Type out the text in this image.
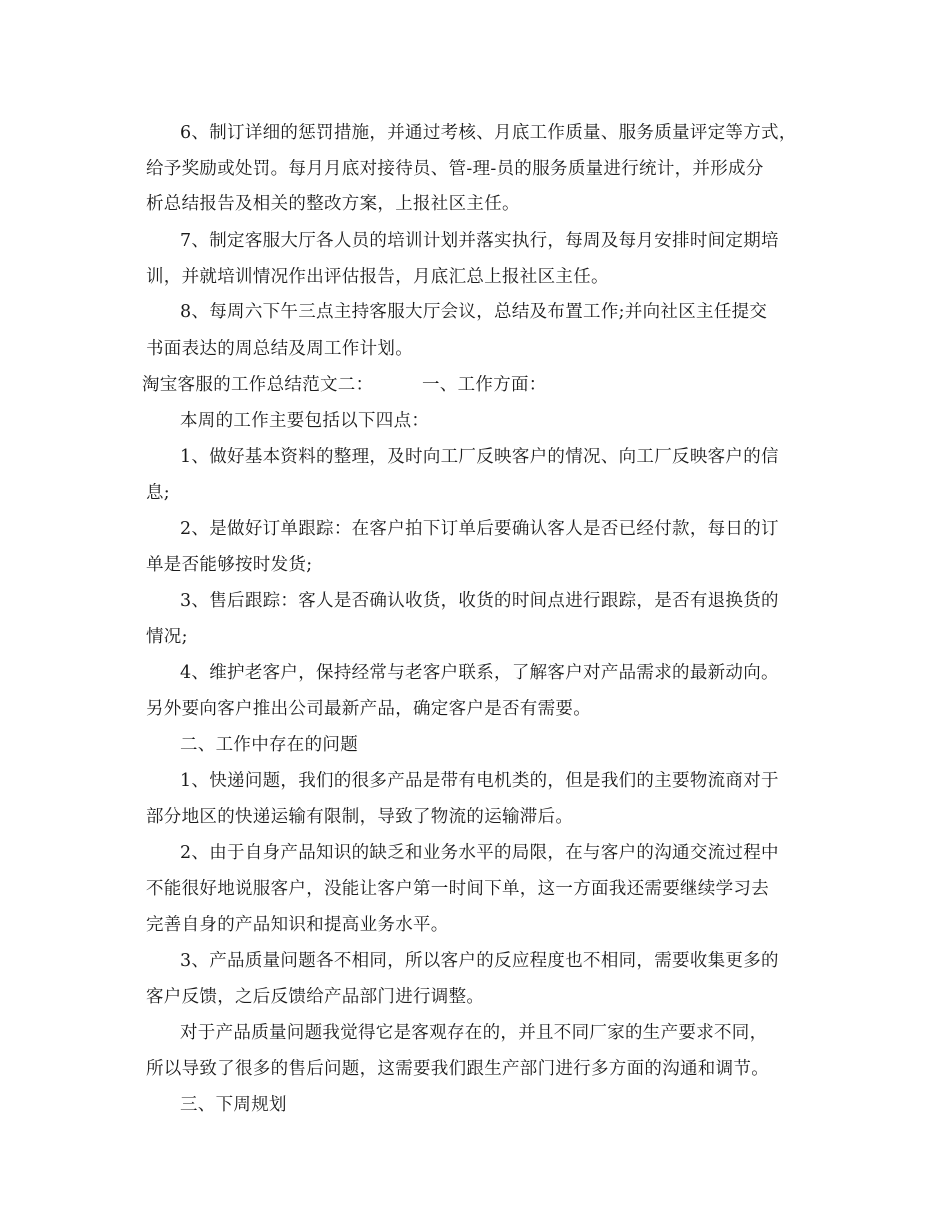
6、制订详细的惩罚措施，并通过考核、月底工作质量、服务质量评定等方式，
给予奖励或处罚。每月月底对接待员、管-理-员的服务质量进行统计，并形成分
析总结报告及相关的整改方案，上报社区主任。
7、制定客服大厅各人员的培训计划并落实执行，每周及每月安排时间定期培
训，并就培训情况作出评估报告，月底汇总上报社区主任。
8、每周六下午三点主持客服大厅会议，总结及布置工作;并向社区主任提交
书面表达的周总结及周工作计划。
淘宝客服的工作总结范文二：	一、工作方面：
本周的工作主要包括以下四点：
1、做好基本资料的整理，及时向工厂反映客户的情况、向工厂反映客户的信
息;
2、是做好订单跟踪：在客户拍下订单后要确认客人是否已经付款，每日的订
单是否能够按时发货;
3、售后跟踪：客人是否确认收货，收货的时间点进行跟踪，是否有退换货的
情况;
4、维护老客户，保持经常与老客户联系，了解客户对产品需求的最新动向。
另外要向客户推出公司最新产品，确定客户是否有需要。
二、工作中存在的问题
1、快递问题，我们的很多产品是带有电机类的，但是我们的主要物流商对于
部分地区的快递运输有限制，导致了物流的运输滞后。
2、由于自身产品知识的缺乏和业务水平的局限，在与客户的沟通交流过程中
不能很好地说服客户，没能让客户第一时间下单，这一方面我还需要继续学习去
完善自身的产品知识和提高业务水平。
3、产品质量问题各不相同，所以客户的反应程度也不相同，需要收集更多的
客户反馈，之后反馈给产品部门进行调整。
对于产品质量问题我觉得它是客观存在的，并且不同厂家的生产要求不同，
所以导致了很多的售后问题，这需要我们跟生产部门进行多方面的沟通和调节。
三、下周规划
